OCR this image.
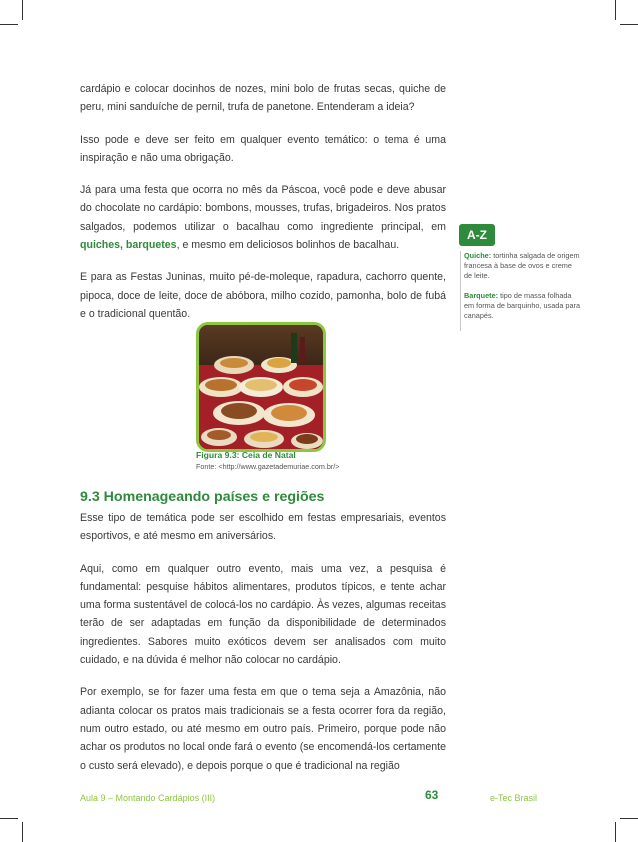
cardápio e colocar docinhos de nozes, mini bolo de frutas secas, quiche de peru, mini sanduíche de pernil, trufa de panetone. Entenderam a ideia?

Isso pode e deve ser feito em qualquer evento temático: o tema é uma inspiração e não uma obrigação.

Já para uma festa que ocorra no mês da Páscoa, você pode e deve abusar do chocolate no cardápio: bombons, mousses, trufas, brigadeiros. Nos pratos salgados, podemos utilizar o bacalhau como ingrediente principal, em quiches, barquetes, e mesmo em deliciosos bolinhos de bacalhau.

E para as Festas Juninas, muito pé-de-moleque, rapadura, cachorro quente, pipoca, doce de leite, doce de abóbora, milho cozido, pamonha, bolo de fubá e o tradicional quentão.

Figura 9.3: Ceia de Natal
Fonte: <http://www.gazetademuriae.com.br/>
9.3 Homenageando países e regiões

Esse tipo de temática pode ser escolhido em festas empresariais, eventos esportivos, e até mesmo em aniversários.

Aqui, como em qualquer outro evento, mais uma vez, a pesquisa é fundamental: pesquise hábitos alimentares, produtos típicos, e tente achar uma forma sustentável de colocá-los no cardápio. Às vezes, algumas receitas terão de ser adaptadas em função da disponibilidade de determinados ingredientes. Sabores muito exóticos devem ser analisados com muito cuidado, e na dúvida é melhor não colocar no cardápio.

Por exemplo, se for fazer uma festa em que o tema seja a Amazônia, não adianta colocar os pratos mais tradicionais se a festa ocorrer fora da região, num outro estado, ou até mesmo em outro país. Primeiro, porque pode não achar os produtos no local onde fará o evento (se encomendá-los certamente o custo será elevado), e depois porque o que é tradicional na região

A-Z

Quiche: tortinha salgada de origem francesa à base de ovos e creme de leite.

Barquete: tipo de massa folhada em forma de barquinho, usada para canapés.

Aula 9 – Montando Cardápios (III)	63	e-Tec Brasil
